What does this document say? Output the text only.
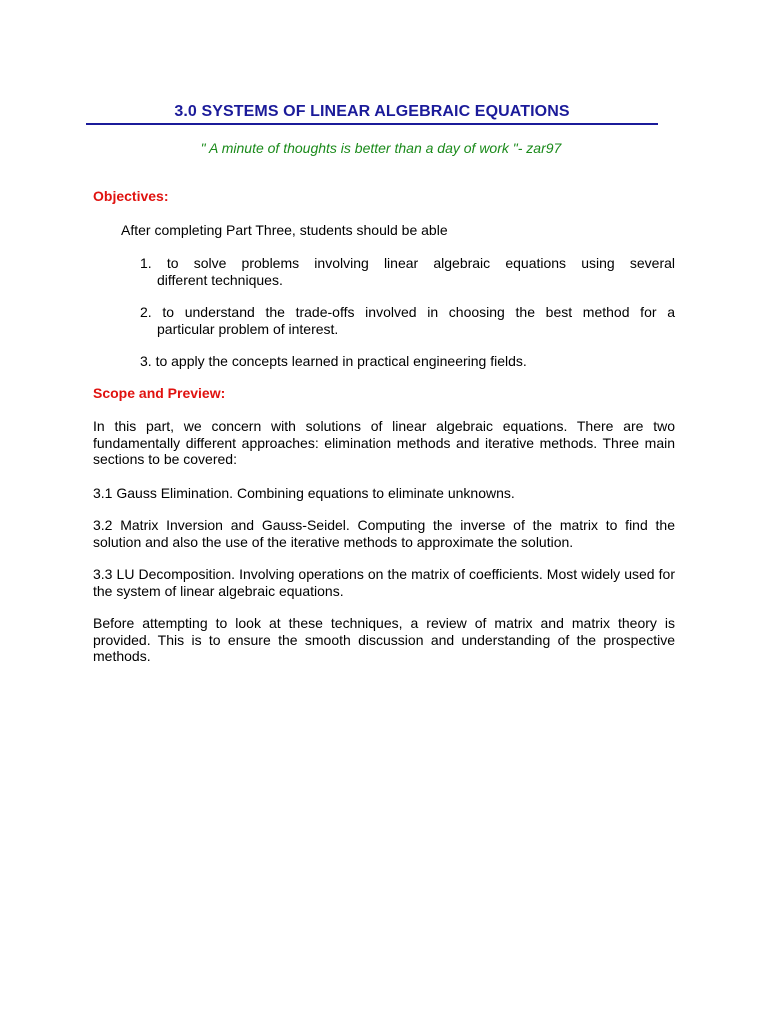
3.0 SYSTEMS OF LINEAR ALGEBRAIC EQUATIONS
" A minute of thoughts is better than a day of work "- zar97
Objectives:
After completing Part Three, students should be able
1. to solve problems involving linear algebraic equations using several
different techniques.
2. to understand the trade-offs involved in choosing the best method for a
particular problem of interest.
3. to apply the concepts learned in practical engineering fields.
Scope and Preview:
In this part, we concern with solutions of linear algebraic equations. There are two fundamentally different approaches: elimination methods and iterative methods. Three main sections to be covered:
3.1 Gauss Elimination. Combining equations to eliminate unknowns.
3.2 Matrix Inversion and Gauss-Seidel. Computing the inverse of the matrix to find the solution and also the use of the iterative methods to approximate the solution.
3.3 LU Decomposition. Involving operations on the matrix of coefficients. Most widely used for the system of linear algebraic equations.
Before attempting to look at these techniques, a review of matrix and matrix theory is provided. This is to ensure the smooth discussion and understanding of the prospective methods.
